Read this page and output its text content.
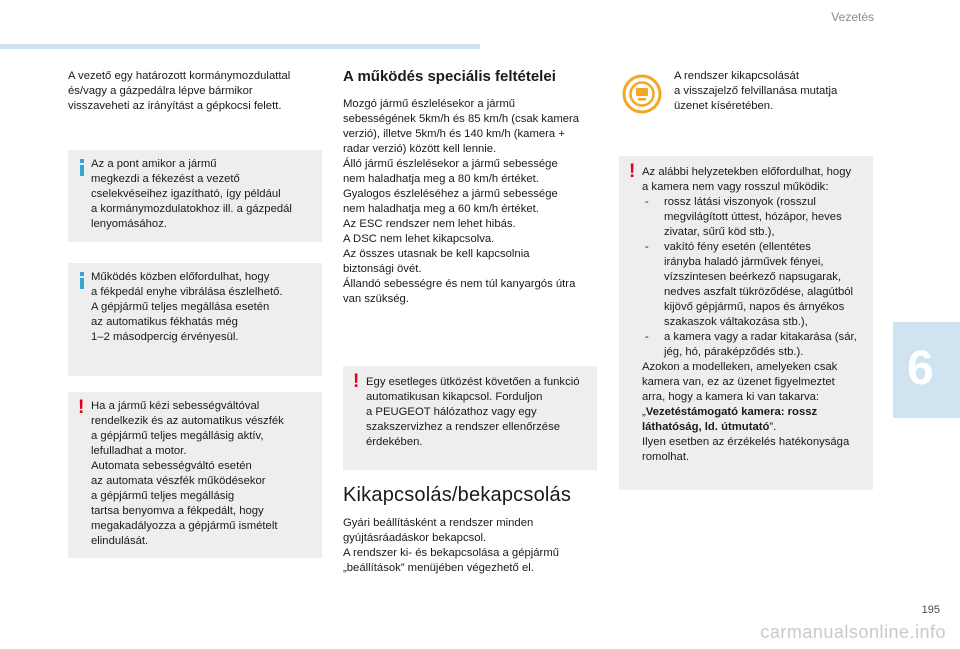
Vezetés
A vezető egy határozott kormánymozdulattal
és/vagy a gázpedálra lépve bármikor
visszaveheti az irányítást a gépkocsi felett.
Az a pont amikor a jármű
megkezdi a fékezést a vezető
cselekvéseihez igazítható, így például
a kormánymozdulatokhoz ill. a gázpedál
lenyomásához.
Működés közben előfordulhat, hogy
a fékpedál enyhe vibrálása észlelhető.
A gépjármű teljes megállása esetén
az automatikus fékhatás még
1–2 másodpercig érvényesül.
! Ha a jármű kézi sebességváltóval
rendelkezik és az automatikus vészfék
a gépjármű teljes megállásig aktív,
lefulladhat a motor.
Automata sebességváltó esetén
az automata vészfék működésekor
a gépjármű teljes megállásig
tartsa benyomva a fékpedált, hogy
megakadályozza a gépjármű ismételt
elindulását.
A működés speciális feltételei
Mozgó jármű észlelésekor a jármű
sebességének 5km/h és 85 km/h (csak kamera
verzió), illetve 5km/h és 140 km/h (kamera +
radar verzió) között kell lennie.
Álló jármű észlelésekor a jármű sebessége
nem haladhatja meg a 80 km/h értéket.
Gyalogos észleléséhez a jármű sebessége
nem haladhatja meg a 60 km/h értéket.
Az ESC rendszer nem lehet hibás.
A DSC nem lehet kikapcsolva.
Az összes utasnak be kell kapcsolnia
biztonsági övét.
Állandó sebességre és nem túl kanyargós útra
van szükség.
! Egy esetleges ütközést követően a funkció
automatikusan kikapcsol. Forduljon
a PEUGEOT hálózathoz vagy egy
szakszervizhez a rendszer ellenőrzése
érdekében.
Kikapcsolás/bekapcsolás
Gyári beállításként a rendszer minden
gyújtásráadáskor bekapcsol.
A rendszer ki- és bekapcsolása a gépjármű
„beállítások” menüjében végezhető el.
A rendszer kikapcsolását
a visszajelző felvillanása mutatja
üzenet kíséretében.
! Az alábbi helyzetekben előfordulhat, hogy
a kamera nem vagy rosszul működik:
- rossz látási viszonyok (rosszul
megvilágított úttest, hózápor, heves
zivatar, sűrű köd stb.),
- vakító fény esetén (ellentétes
irányba haladó járművek fényei,
vízszintesen beérkező napsugarak,
nedves aszfalt tükröződése, alagútból
kijövő gépjármű, napos és árnyékos
szakaszok váltakozása stb.),
- a kamera vagy a radar kitakarása (sár,
jég, hó, páraképződés stb.).
Azokon a modelleken, amelyeken csak
kamera van, ez az üzenet figyelmeztet
arra, hogy a kamera ki van takarva:
„Vezetéstámogató kamera: rossz
láthatóság, ld. útmutató”.
Ilyen esetben az érzékelés hatékonysága
romolhat.
6
195
carmanualsonline.info
